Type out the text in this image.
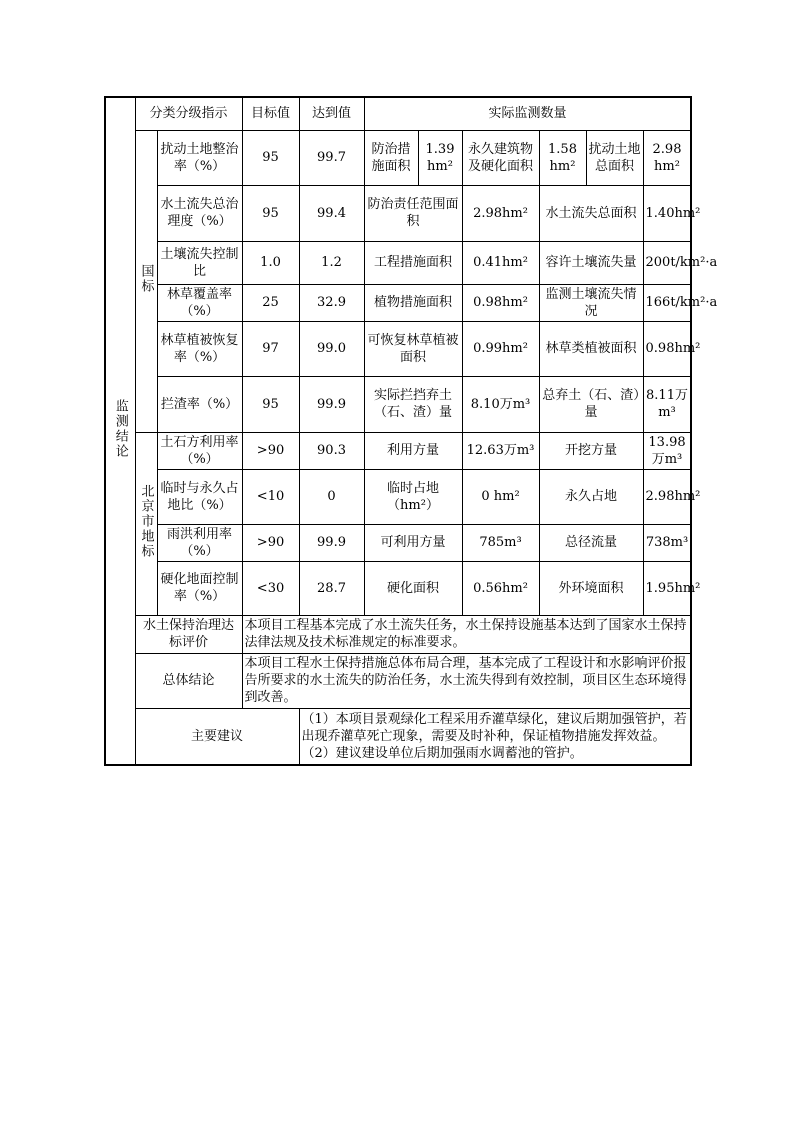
监测结论	分类分级指示		目标值	达到值	实际监测数量					
	国标	扰动土地整治率（%）	95	99.7	防治措施面积	1.39 hm²	永久建筑物及硬化面积	1.58 hm²	扰动土地总面积	2.98 hm²
		水土流失总治理度（%）	95	99.4	防治责任范围面积		2.98hm²	水土流失总面积		1.40hm²
		土壤流失控制比	1.0	1.2	工程措施面积		0.41hm²	容许土壤流失量		200t/km²·a
		林草覆盖率（%）	25	32.9	植物措施面积		0.98hm²	监测土壤流失情况		166t/km²·a
		林草植被恢复率（%）	97	99.0	可恢复林草植被面积		0.99hm²	林草类植被面积		0.98hm²
		拦渣率（%）	95	99.9	实际拦挡弃土（石、渣）量		8.10万m³	总弃土（石、渣）量		8.11万m³
	北京市地标	土石方利用率（%）	>90	90.3	利用方量		12.63万m³	开挖方量		13.98万m³
		临时与永久占地比（%）	<10	0	临时占地（hm²）		0 hm²	永久占地		2.98hm²
		雨洪利用率（%）	>90	99.9	可利用方量		785m³	总径流量		738m³
		硬化地面控制率（%）	<30	28.7	硬化面积		0.56hm²	外环境面积		1.95hm²
	水土保持治理达标评价		本项目工程基本完成了水土流失任务，水土保持设施基本达到了国家水土保持法律法规及技术标准规定的标准要求。							
	总体结论		本项目工程水土保持措施总体布局合理，基本完成了工程设计和水影响评价报告所要求的水土流失的防治任务，水土流失得到有效控制，项目区生态环境得到改善。							

	主要建议			（1）本项目景观绿化工程采用乔灌草绿化，建议后期加强管护，若出现乔灌草死亡现象，需要及时补种，保证植物措施发挥效益。
（2）建议建设单位后期加强雨水调蓄池的管护。						
